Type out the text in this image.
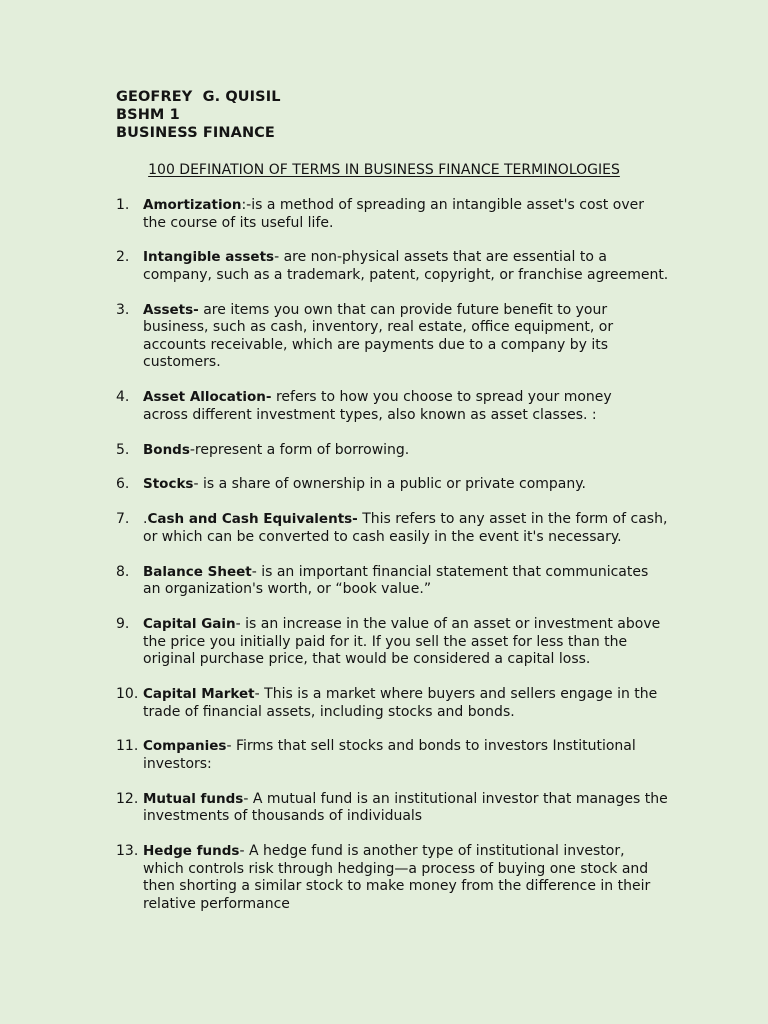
GEOFREY  G. QUISIL
BSHM 1
BUSINESS FINANCE
100 DEFINATION OF TERMS IN BUSINESS FINANCE TERMINOLOGIES
1. Amortization:-is a method of spreading an intangible asset's cost over
the course of its useful life.
2. Intangible assets- are non-physical assets that are essential to a
company, such as a trademark, patent, copyright, or franchise agreement.
3. Assets- are items you own that can provide future benefit to your
business, such as cash, inventory, real estate, office equipment, or
accounts receivable, which are payments due to a company by its
customers.
4. Asset Allocation- refers to how you choose to spread your money
across different investment types, also known as asset classes. :
5. Bonds-represent a form of borrowing.
6. Stocks- is a share of ownership in a public or private company.
7. .Cash and Cash Equivalents- This refers to any asset in the form of cash,
or which can be converted to cash easily in the event it's necessary.
8. Balance Sheet- is an important financial statement that communicates
an organization's worth, or “book value.”
9. Capital Gain- is an increase in the value of an asset or investment above
the price you initially paid for it. If you sell the asset for less than the
original purchase price, that would be considered a capital loss.
10. Capital Market- This is a market where buyers and sellers engage in the
trade of financial assets, including stocks and bonds.
11. Companies- Firms that sell stocks and bonds to investors Institutional
investors:
12. Mutual funds- A mutual fund is an institutional investor that manages the
investments of thousands of individuals
13. Hedge funds- A hedge fund is another type of institutional investor,
which controls risk through hedging—a process of buying one stock and
then shorting a similar stock to make money from the difference in their
relative performance
